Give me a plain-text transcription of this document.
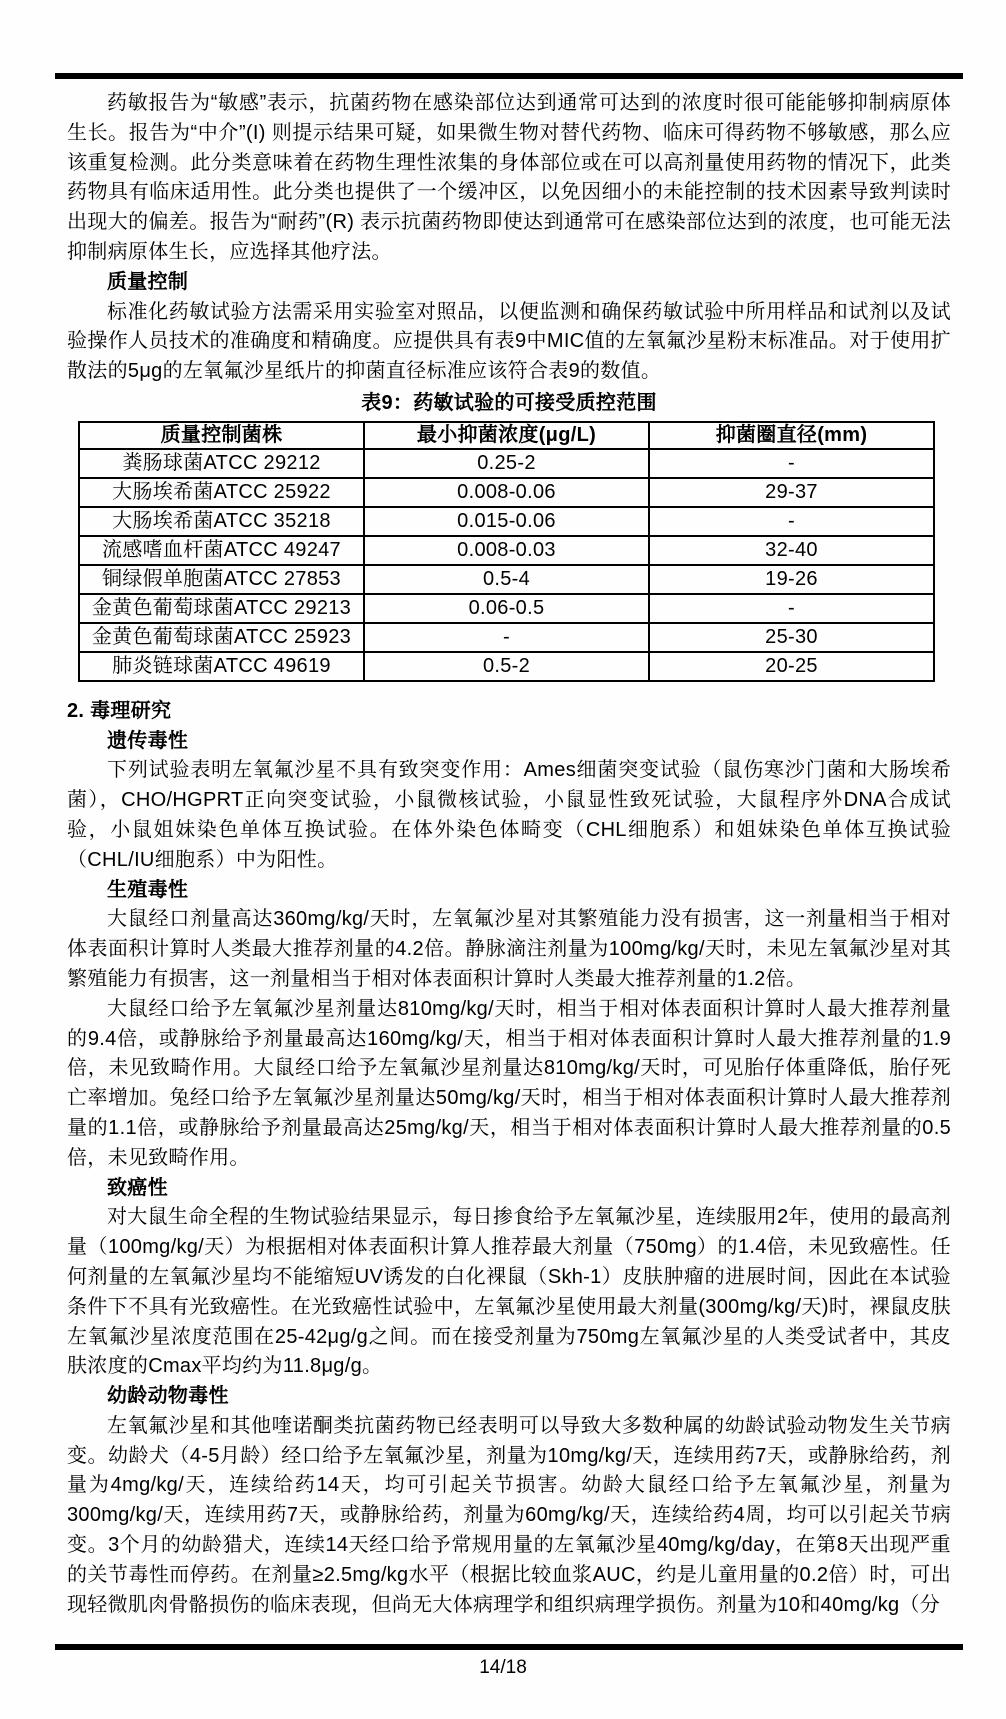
药敏报告为“敏感”表示，抗菌药物在感染部位达到通常可达到的浓度时很可能能够抑制病原体生长。报告为“中介”(I) 则提示结果可疑，如果微生物对替代药物、临床可得药物不够敏感，那么应该重复检测。此分类意味着在药物生理性浓集的身体部位或在可以高剂量使用药物的情况下，此类药物具有临床适用性。此分类也提供了一个缓冲区，以免因细小的未能控制的技术因素导致判读时出现大的偏差。报告为“耐药”(R) 表示抗菌药物即使达到通常可在感染部位达到的浓度，也可能无法抑制病原体生长，应选择其他疗法。

质量控制

标准化药敏试验方法需采用实验室对照品，以便监测和确保药敏试验中所用样品和试剂以及试验操作人员技术的准确度和精确度。应提供具有表9中MIC值的左氧氟沙星粉末标准品。对于使用扩散法的5μg的左氧氟沙星纸片的抑菌直径标准应该符合表9的数值。

表9：药敏试验的可接受质控范围

质量控制菌株	最小抑菌浓度(μg/L)	抑菌圈直径(mm)
粪肠球菌ATCC 29212	0.25-2	-
大肠埃希菌ATCC 25922	0.008-0.06	29-37
大肠埃希菌ATCC 35218	0.015-0.06	-
流感嗜血杆菌ATCC 49247	0.008-0.03	32-40
铜绿假单胞菌ATCC 27853	0.5-4	19-26
金黄色葡萄球菌ATCC 29213	0.06-0.5	-
金黄色葡萄球菌ATCC 25923	-	25-30
肺炎链球菌ATCC 49619	0.5-2	20-25

2. 毒理研究

遗传毒性

下列试验表明左氧氟沙星不具有致突变作用：Ames细菌突变试验（鼠伤寒沙门菌和大肠埃希菌），CHO/HGPRT正向突变试验，小鼠微核试验，小鼠显性致死试验，大鼠程序外DNA合成试验，小鼠姐妹染色单体互换试验。在体外染色体畸变（CHL细胞系）和姐妹染色单体互换试验（CHL/IU细胞系）中为阳性。

生殖毒性

大鼠经口剂量高达360mg/kg/天时，左氧氟沙星对其繁殖能力没有损害，这一剂量相当于相对体表面积计算时人类最大推荐剂量的4.2倍。静脉滴注剂量为100mg/kg/天时，未见左氧氟沙星对其繁殖能力有损害，这一剂量相当于相对体表面积计算时人类最大推荐剂量的1.2倍。

大鼠经口给予左氧氟沙星剂量达810mg/kg/天时，相当于相对体表面积计算时人最大推荐剂量的9.4倍，或静脉给予剂量最高达160mg/kg/天，相当于相对体表面积计算时人最大推荐剂量的1.9倍，未见致畸作用。大鼠经口给予左氧氟沙星剂量达810mg/kg/天时，可见胎仔体重降低，胎仔死亡率增加。兔经口给予左氧氟沙星剂量达50mg/kg/天时，相当于相对体表面积计算时人最大推荐剂量的1.1倍，或静脉给予剂量最高达25mg/kg/天，相当于相对体表面积计算时人最大推荐剂量的0.5倍，未见致畸作用。

致癌性

对大鼠生命全程的生物试验结果显示，每日掺食给予左氧氟沙星，连续服用2年，使用的最高剂量（100mg/kg/天）为根据相对体表面积计算人推荐最大剂量（750mg）的1.4倍，未见致癌性。任何剂量的左氧氟沙星均不能缩短UV诱发的白化裸鼠（Skh-1）皮肤肿瘤的进展时间，因此在本试验条件下不具有光致癌性。在光致癌性试验中，左氧氟沙星使用最大剂量(300mg/kg/天)时，裸鼠皮肤左氧氟沙星浓度范围在25-42μg/g之间。而在接受剂量为750mg左氧氟沙星的人类受试者中，其皮肤浓度的Cmax平均约为11.8μg/g。

幼龄动物毒性

左氧氟沙星和其他喹诺酮类抗菌药物已经表明可以导致大多数种属的幼龄试验动物发生关节病变。幼龄犬（4-5月龄）经口给予左氧氟沙星，剂量为10mg/kg/天，连续用药7天，或静脉给药，剂量为4mg/kg/天，连续给药14天，均可引起关节损害。幼龄大鼠经口给予左氧氟沙星，剂量为300mg/kg/天，连续用药7天，或静脉给药，剂量为60mg/kg/天，连续给药4周，均可以引起关节病变。3个月的幼龄猎犬，连续14天经口给予常规用量的左氧氟沙星40mg/kg/day，在第8天出现严重的关节毒性而停药。在剂量≥2.5mg/kg水平（根据比较血浆AUC，约是儿童用量的0.2倍）时，可出现轻微肌肉骨骼损伤的临床表现，但尚无大体病理学和组织病理学损伤。剂量为10和40mg/kg（分

14/18
